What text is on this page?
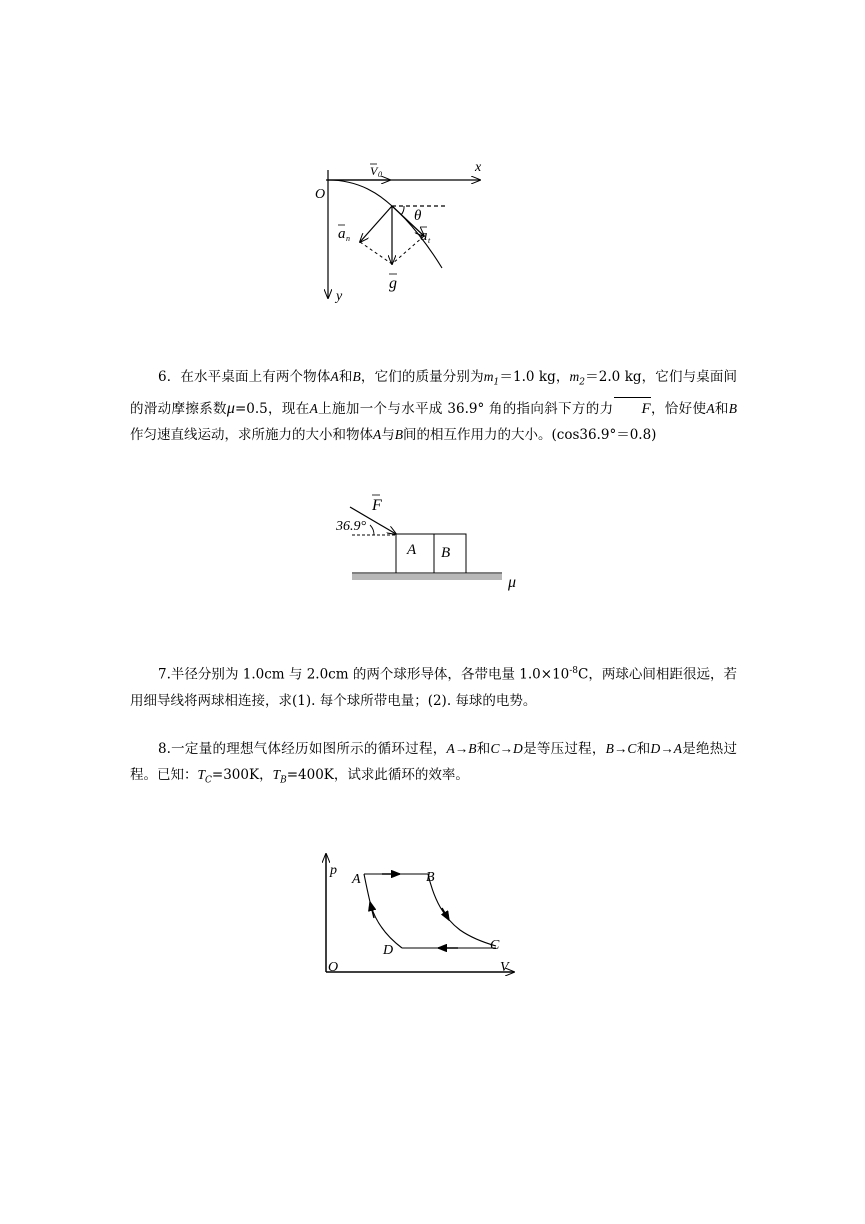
O
x
y
V 0
a n	a t
g
θ

6．在水平桌面上有两个物体A和B，它们的质量分别为$m_1=1.0$ kg，$m_2=2.0$ kg，它们与桌面间的滑动摩擦系数μ=0.5，现在A上施加一个与水平成 36.9° 角的指向斜下方的力 F，恰好使A和B作匀速直线运动，求所施力的大小和物体A与B间的相互作用力的大小。(cos36.9°＝0.8)

F
36.9°
A B
μ

7.半径分别为 1.0cm 与 2.0cm 的两个球形导体，各带电量 $1.0\times 10^{-8}C$，两球心间相距很远，若用细导线将两球相连接，求(1). 每个球所带电量；(2). 每球的电势。

8.一定量的理想气体经历如图所示的循环过程，A→B和C→D是等压过程，B→C和D→A是绝热过程。已知：$T_C=300K$，$T_B=400K$，试求此循环的效率。

p
V
O
A	B
C
D
